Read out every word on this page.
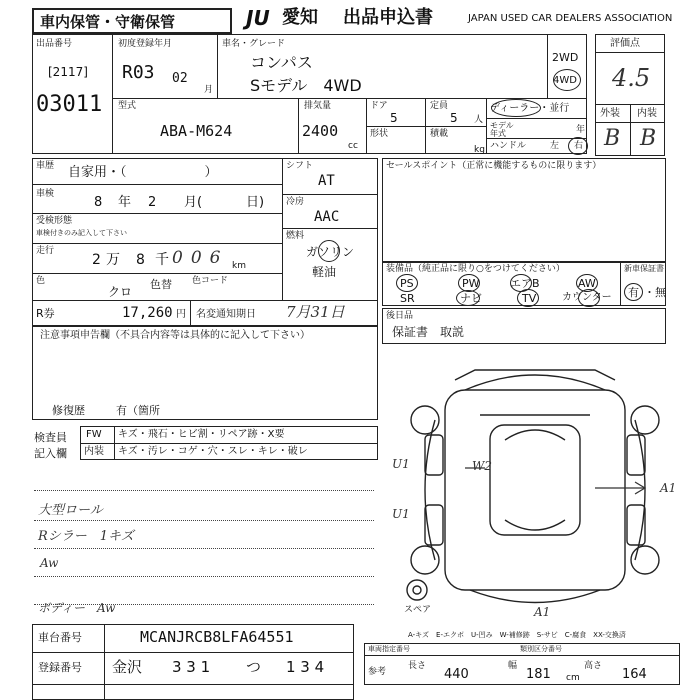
車内保管・守衛保管	JU 愛知 出品申込書	JAPAN USED CAR DEALERS ASSOCIATION
出品番号
[2117]
03011
初度登録年月
R03 02
月
車名・グレード
コンパス
Sモデル　4WD
2WD
4WD
型式
ABA-M624
排気量
2400
cc
ドア
5
形状
定員
5 人
積載
kg
ディーラー・並行
モデル年式	年
ハンドル	左 右
評価点
4.5
外装 内装
B B
車歴 自家用・（　　　　　　）
車検
8 年 2 月(	日)
受検形態
車検付きのみ記入して下さい
走行
2 万 8 千 006 km
色
クロ
色替 色コード
シフト
AT
冷房
AAC
燃料
ガソリン
軽油
R券	17,260 円 名変通知期日 7月31日
セールスポイント（正常に機能するものに限ります）
装備品（純正品に限り○をつけてください）	新車保証書
有 ・無
PS	PW	エアB	AW
SR	ナビ	TV	カウンター
注意事項申告欄（不具合内容等は具体的に記入して下さい）
修復歴	有（箇所
後日品
保証書　取説
検査員
記入欄
FW キズ・飛石・ヒビ割・リペア跡・X要
内装 キズ・汚レ・コゲ・穴・スレ・キレ・破レ
大型ロール
Rシラー　1キズ
Aw
ボディー　Aw
U1
U1
W2
A1
A1
スペア
A-キズ　E-エクボ　U-凹み　W-補修跡　S-サビ　C-腐食　XX-交換済
車台番号	MCANJRCB8LFA64551
登録番号 金沢 3 3 1 つ 1 3 4
車両指定番号	類別区分番号
参考
長さ
440
幅
181 cm
高さ
164
